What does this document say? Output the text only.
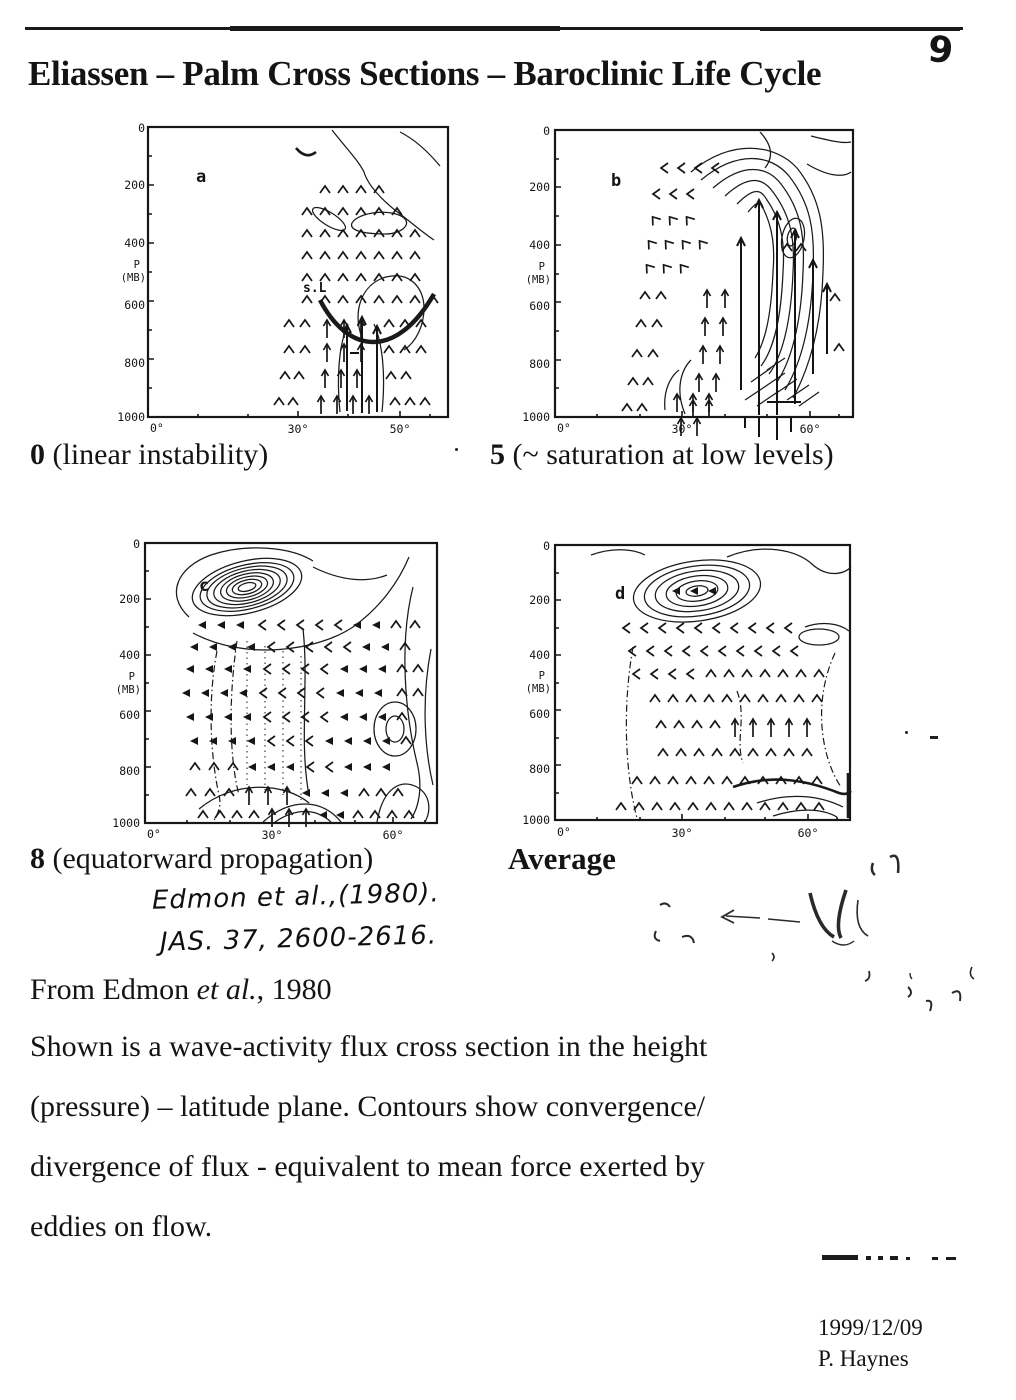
9
Eliassen – Palm Cross Sections – Baroclinic Life Cycle
0
200
400
600
800
1000
P
(MB)
0°	30°	50°
a
s.L
0
200
400
600
800
1000
P
(MB)
0°	30°	60°
b
0 (linear instability)	5 (~ saturation at low levels)
0
200
400
600
800
1000
P
(MB)
0°	30°	60°
c
0
200
400
600
800
1000
P
(MB)
0°	30°	60°
d
8 (equatorward propagation)	Average
Edmon et al.,(1980).
JAS. 37, 2600-2616.
From Edmon et al., 1980
Shown is a wave-activity flux cross section in the height
(pressure) – latitude plane. Contours show convergence/
divergence of flux - equivalent to mean force exerted by
eddies on flow.
1999/12/09
P. Haynes
